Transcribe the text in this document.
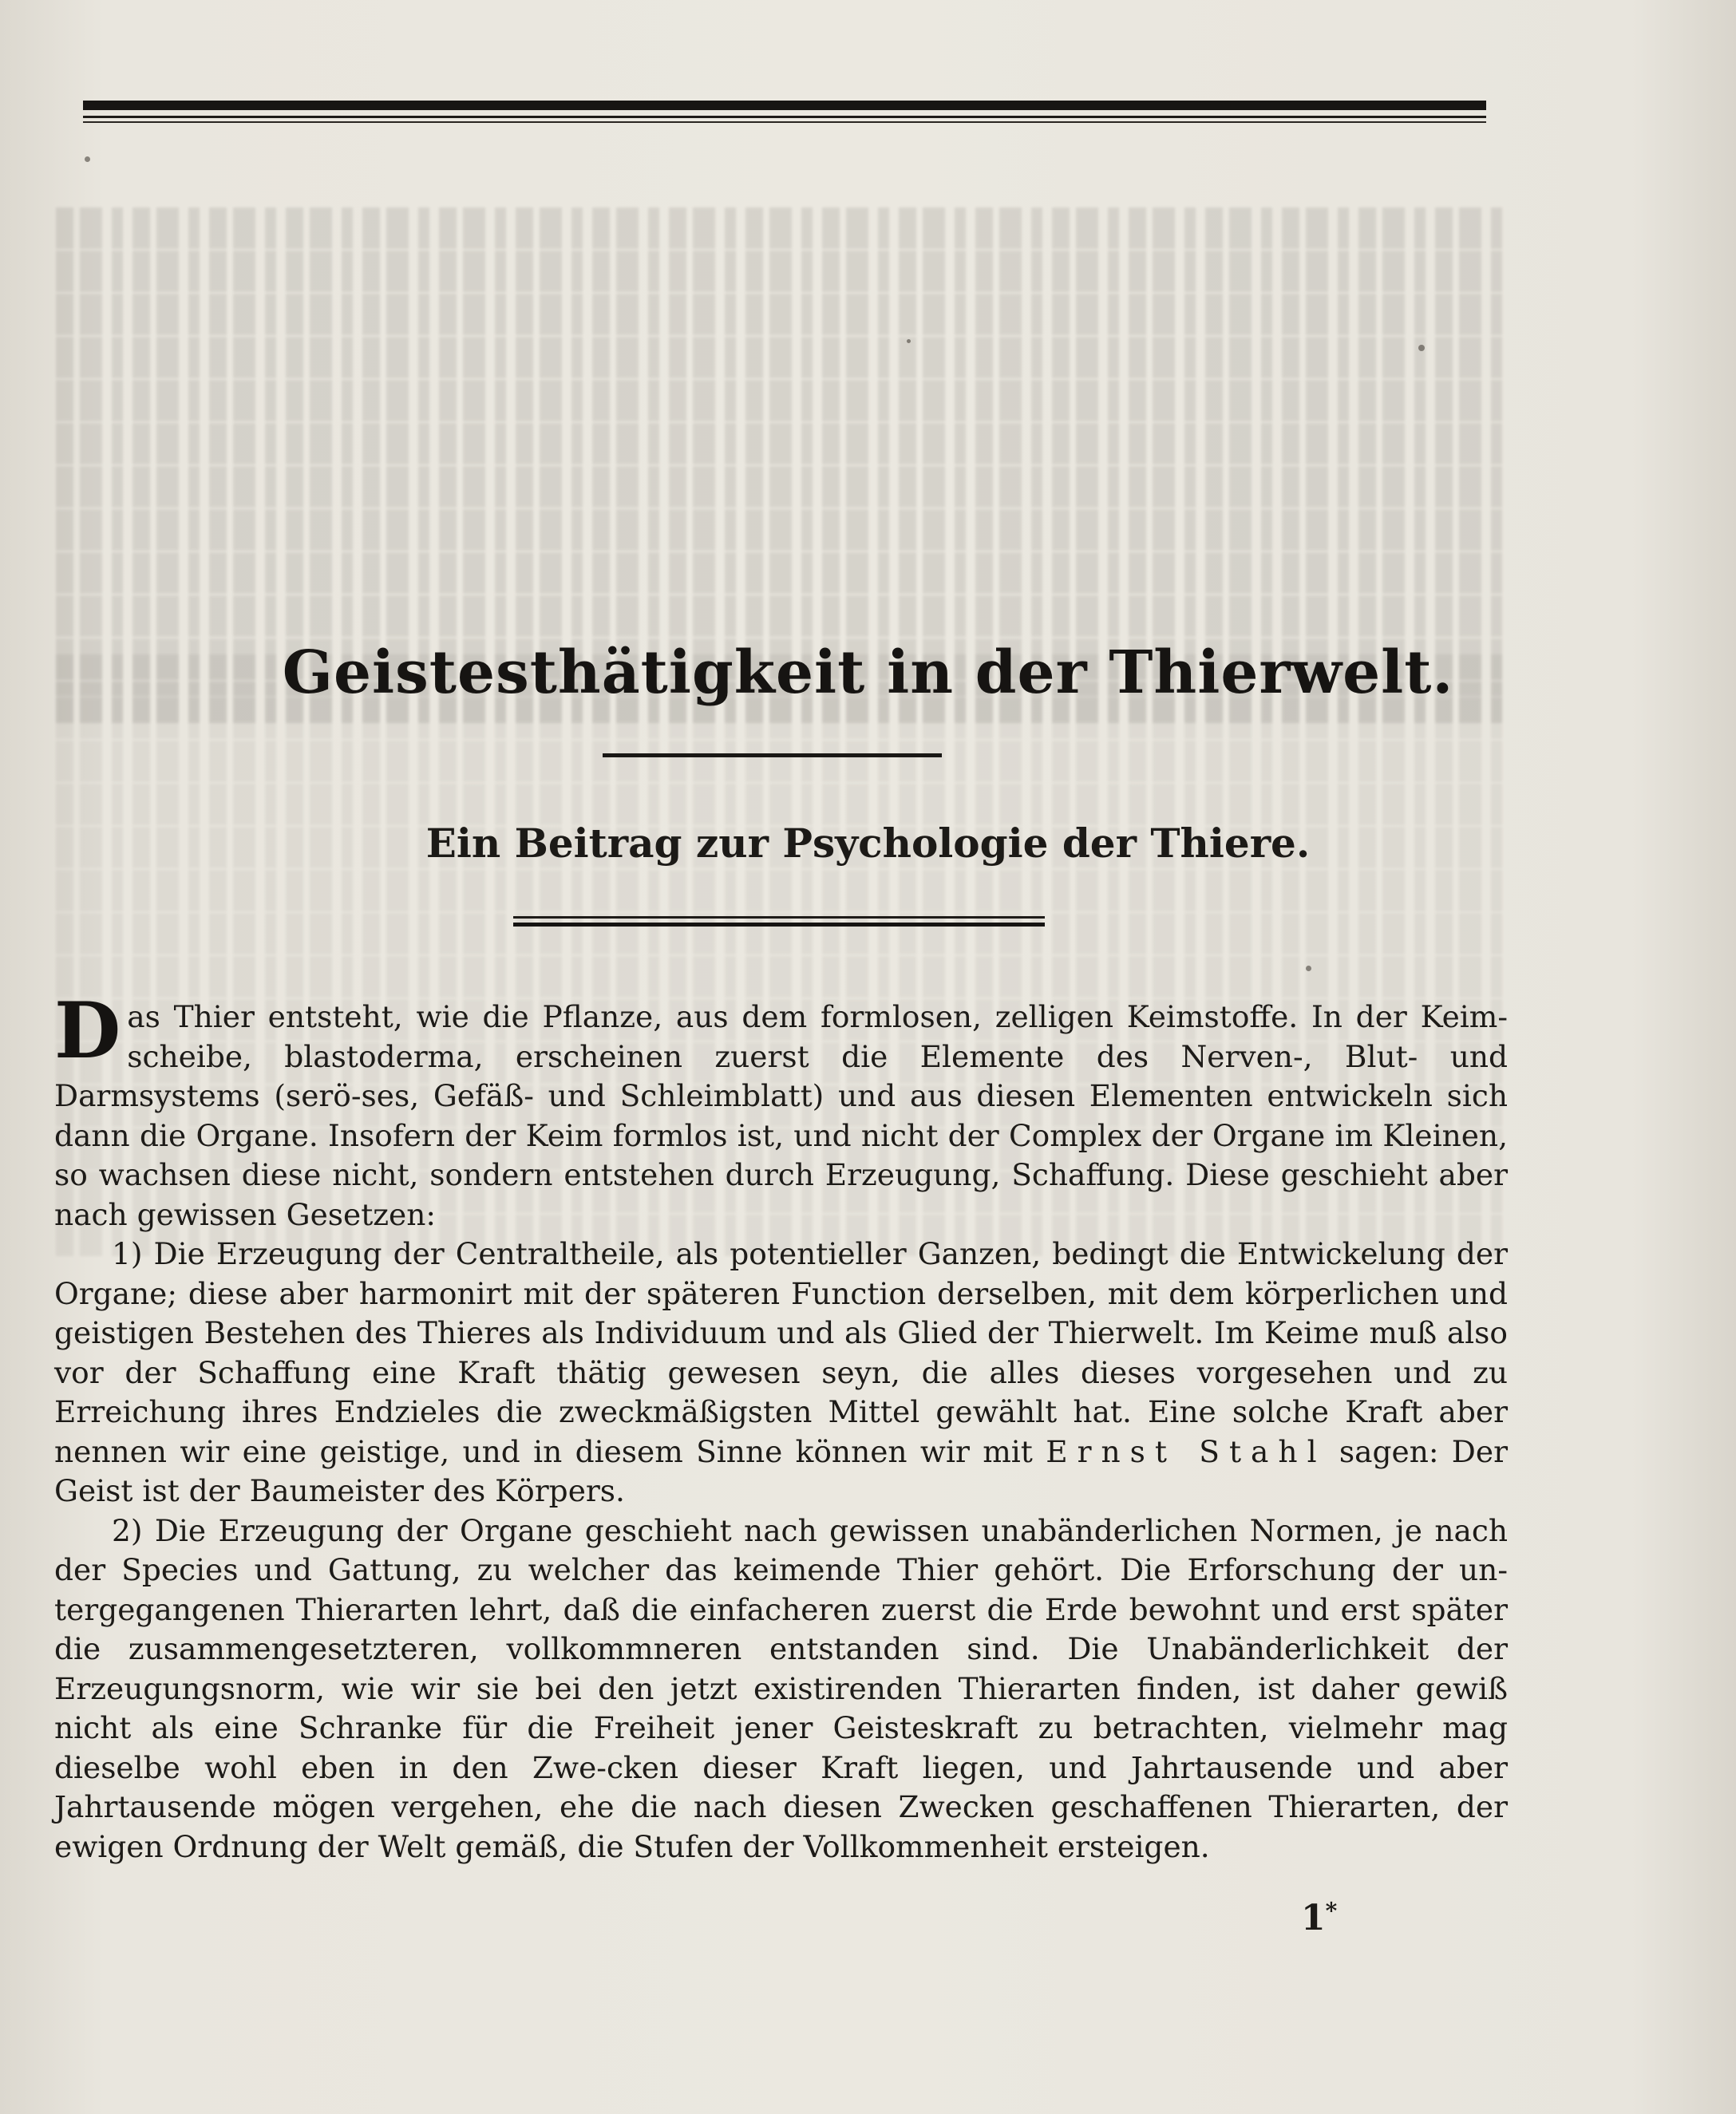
Geistesthätigkeit in der Thierwelt.
Ein Beitrag zur Psychologie der Thiere.

Das Thier entsteht, wie die Pflanze, aus dem formlosen, zelligen Keimstoffe. In der Keim-scheibe, blastoderma, erscheinen zuerst die Elemente des Nerven-, Blut- und Darmsystems (serö-ses, Gefäß- und Schleimblatt) und aus diesen Elementen entwickeln sich dann die Organe. Insofern der Keim formlos ist, und nicht der Complex der Organe im Kleinen, so wachsen diese nicht, sondern entstehen durch Erzeugung, Schaffung. Diese geschieht aber nach gewissen Gesetzen:

1) Die Erzeugung der Centraltheile, als potentieller Ganzen, bedingt die Entwickelung der Organe; diese aber harmonirt mit der späteren Function derselben, mit dem körperlichen und geistigen Bestehen des Thieres als Individuum und als Glied der Thierwelt. Im Keime muß also vor der Schaffung eine Kraft thätig gewesen seyn, die alles dieses vorgesehen und zu Erreichung ihres Endzieles die zweckmäßigsten Mittel gewählt hat. Eine solche Kraft aber nennen wir eine geistige, und in diesem Sinne können wir mit Ernst Stahl sagen: Der Geist ist der Baumeister des Körpers.

2) Die Erzeugung der Organe geschieht nach gewissen unabänderlichen Normen, je nach der Species und Gattung, zu welcher das keimende Thier gehört. Die Erforschung der un-tergegangenen Thierarten lehrt, daß die einfacheren zuerst die Erde bewohnt und erst später die zusammengesetzteren, vollkommneren entstanden sind. Die Unabänderlichkeit der Erzeugungsnorm, wie wir sie bei den jetzt existirenden Thierarten finden, ist daher gewiß nicht als eine Schranke für die Freiheit jener Geisteskraft zu betrachten, vielmehr mag dieselbe wohl eben in den Zwe-cken dieser Kraft liegen, und Jahrtausende und aber Jahrtausende mögen vergehen, ehe die nach diesen Zwecken geschaffenen Thierarten, der ewigen Ordnung der Welt gemäß, die Stufen der Vollkommenheit ersteigen.

1*
